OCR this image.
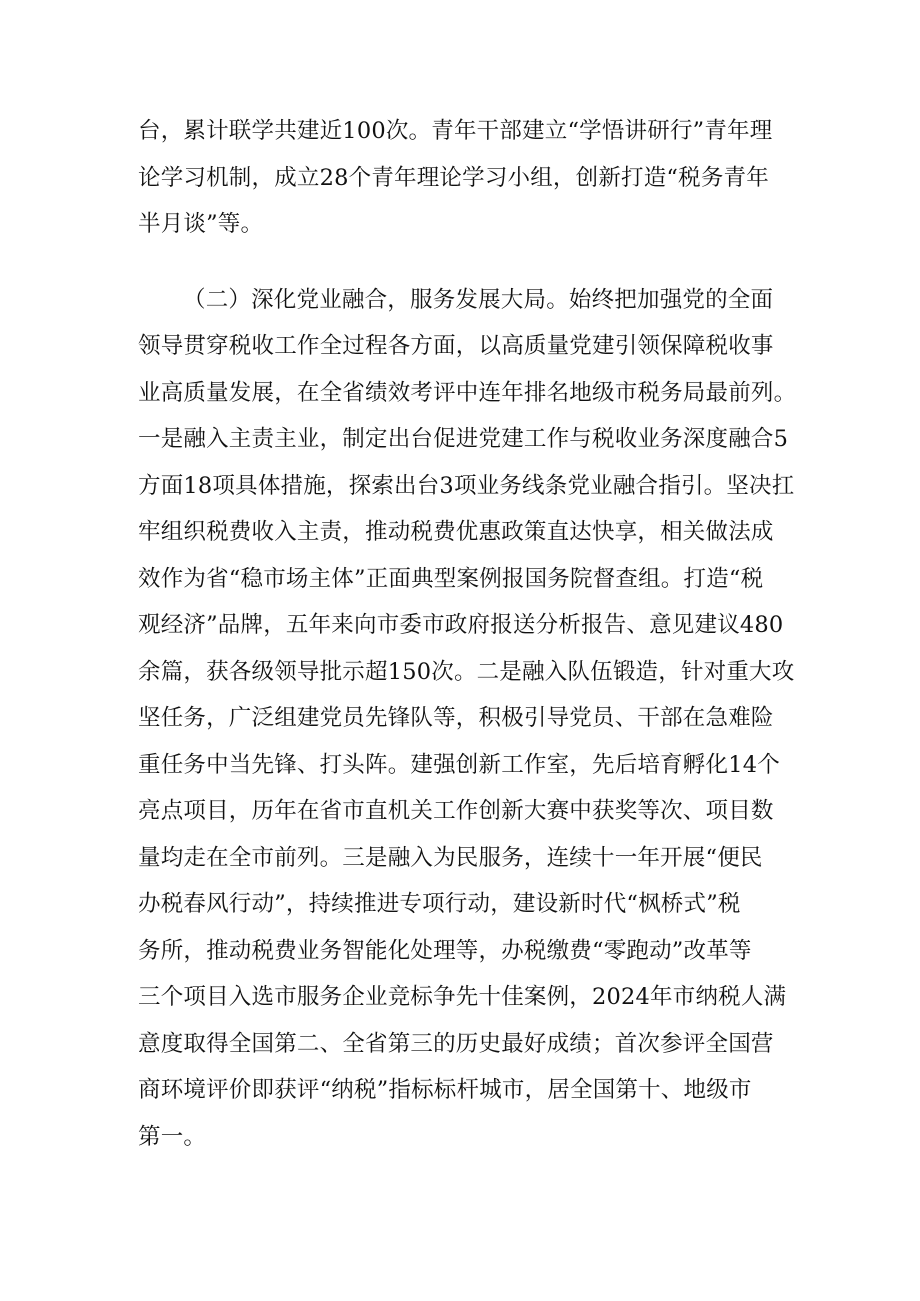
台，累计联学共建近100次。青年干部建立“学悟讲研行”青年理
论学习机制，成立28个青年理论学习小组，创新打造“税务青年
半月谈”等。

（二）深化党业融合，服务发展大局。始终把加强党的全面
领导贯穿税收工作全过程各方面，以高质量党建引领保障税收事
业高质量发展，在全省绩效考评中连年排名地级市税务局最前列。
一是融入主责主业，制定出台促进党建工作与税收业务深度融合5
方面18项具体措施，探索出台3项业务线条党业融合指引。坚决扛
牢组织税费收入主责，推动税费优惠政策直达快享，相关做法成
效作为省“稳市场主体”正面典型案例报国务院督查组。打造“税
观经济”品牌，五年来向市委市政府报送分析报告、意见建议480
余篇，获各级领导批示超150次。二是融入队伍锻造，针对重大攻
坚任务，广泛组建党员先锋队等，积极引导党员、干部在急难险
重任务中当先锋、打头阵。建强创新工作室，先后培育孵化14个
亮点项目，历年在省市直机关工作创新大赛中获奖等次、项目数
量均走在全市前列。三是融入为民服务，连续十一年开展“便民
办税春风行动”，持续推进专项行动，建设新时代“枫桥式”税
务所，推动税费业务智能化处理等，办税缴费“零跑动”改革等
三个项目入选市服务企业竞标争先十佳案例，2024年市纳税人满
意度取得全国第二、全省第三的历史最好成绩；首次参评全国营
商环境评价即获评“纳税”指标标杆城市，居全国第十、地级市
第一。
